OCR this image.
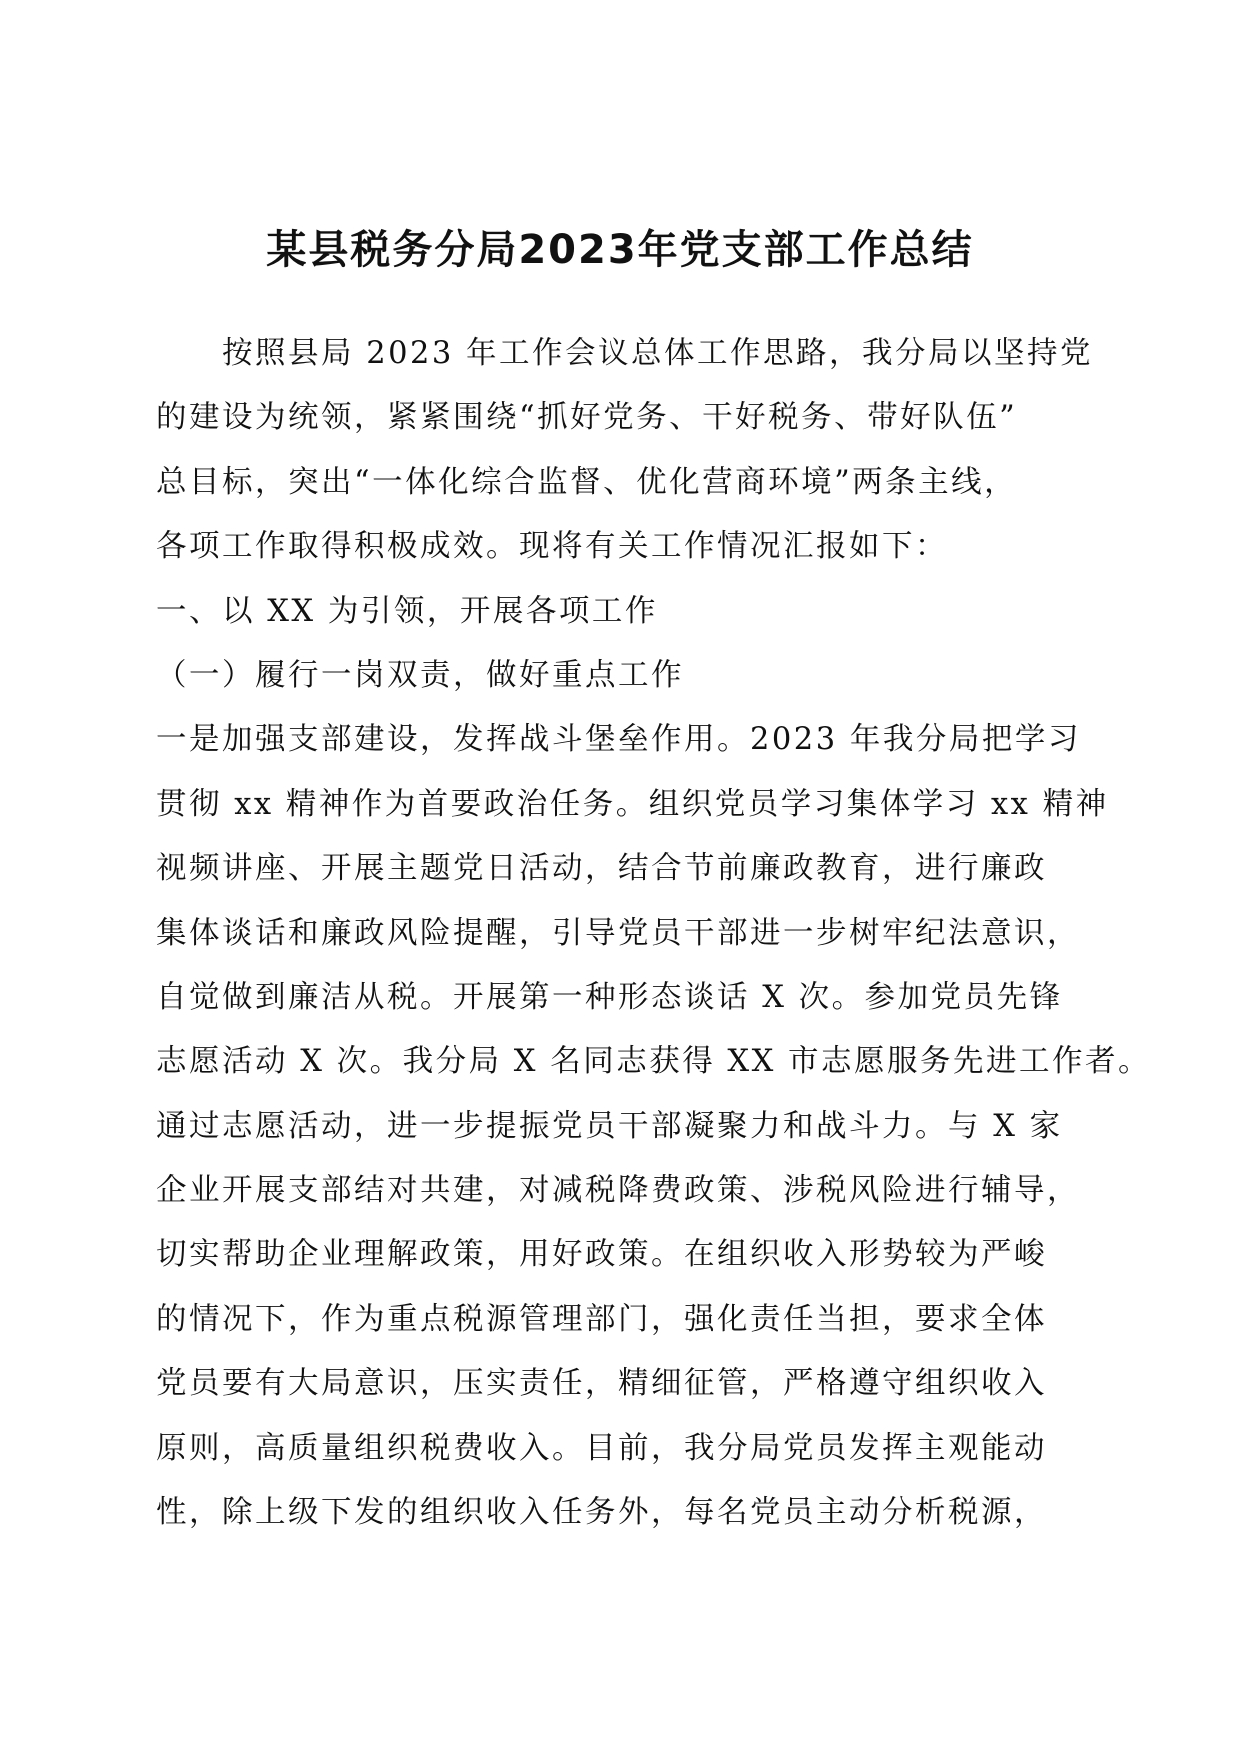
某县税务分局2023年党支部工作总结
按照县局 2023 年工作会议总体工作思路，我分局以坚持党
的建设为统领，紧紧围绕“抓好党务、干好税务、带好队伍”
总目标，突出“一体化综合监督、优化营商环境”两条主线，
各项工作取得积极成效。现将有关工作情况汇报如下：
一、以 XX 为引领，开展各项工作
（一）履行一岗双责，做好重点工作
一是加强支部建设，发挥战斗堡垒作用。2023 年我分局把学习
贯彻 xx 精神作为首要政治任务。组织党员学习集体学习 xx 精神
视频讲座、开展主题党日活动，结合节前廉政教育，进行廉政
集体谈话和廉政风险提醒，引导党员干部进一步树牢纪法意识，
自觉做到廉洁从税。开展第一种形态谈话 X 次。参加党员先锋
志愿活动 X 次。我分局 X 名同志获得 XX 市志愿服务先进工作者。
通过志愿活动，进一步提振党员干部凝聚力和战斗力。与 X 家
企业开展支部结对共建，对减税降费政策、涉税风险进行辅导，
切实帮助企业理解政策，用好政策。在组织收入形势较为严峻
的情况下，作为重点税源管理部门，强化责任当担，要求全体
党员要有大局意识，压实责任，精细征管，严格遵守组织收入
原则，高质量组织税费收入。目前，我分局党员发挥主观能动
性，除上级下发的组织收入任务外，每名党员主动分析税源，
